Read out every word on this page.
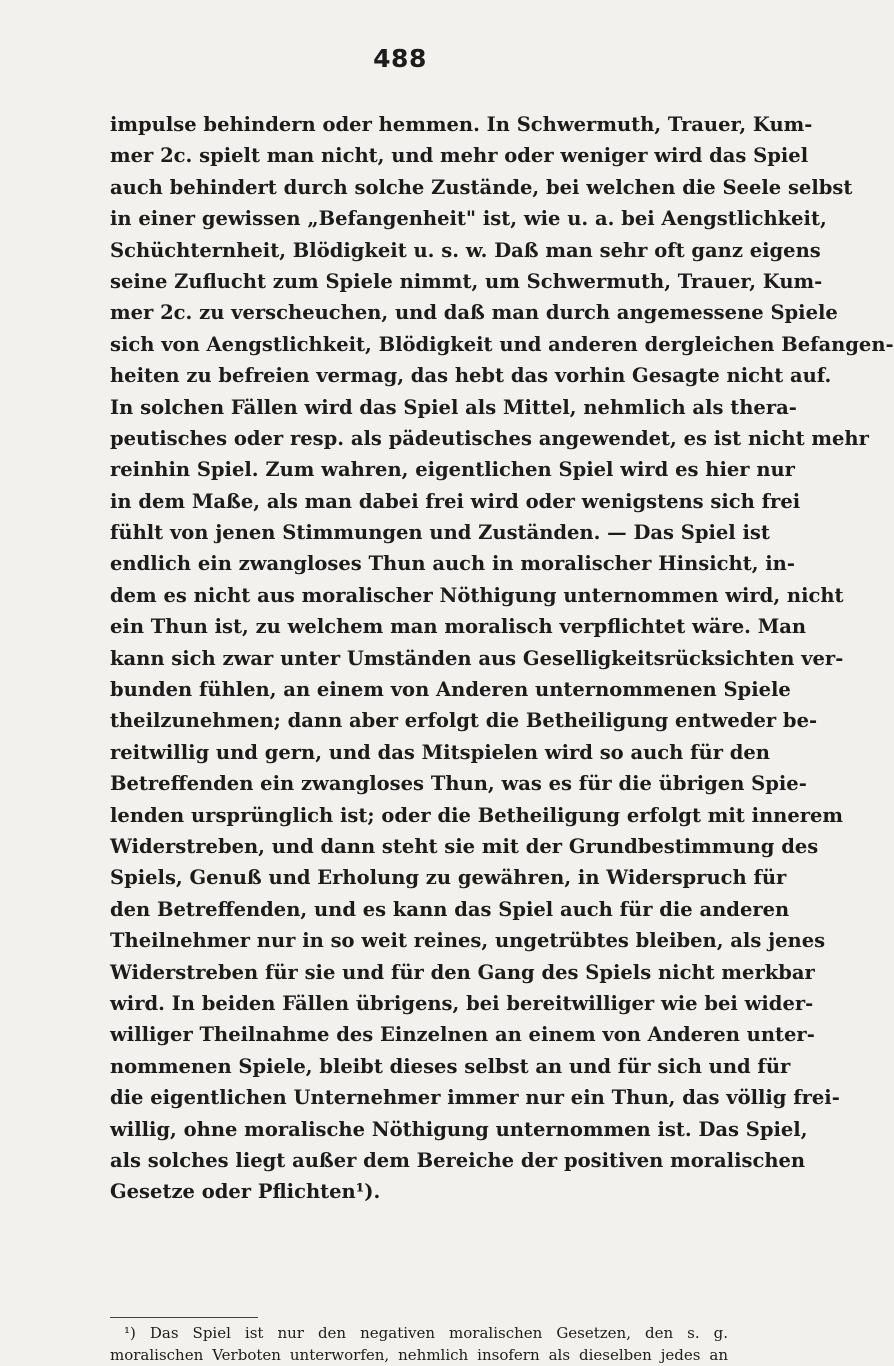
488
impulse behindern oder hemmen. In Schwermuth, Trauer, Kum-
mer 2c. spielt man nicht, und mehr oder weniger wird das Spiel
auch behindert durch solche Zustände, bei welchen die Seele selbst
in einer gewissen „Befangenheit" ist, wie u. a. bei Aengstlichkeit,
Schüchternheit, Blödigkeit u. s. w. Daß man sehr oft ganz eigens
seine Zuflucht zum Spiele nimmt, um Schwermuth, Trauer, Kum-
mer 2c. zu verscheuchen, und daß man durch angemessene Spiele
sich von Aengstlichkeit, Blödigkeit und anderen dergleichen Befangen-
heiten zu befreien vermag, das hebt das vorhin Gesagte nicht auf.
In solchen Fällen wird das Spiel als Mittel, nehmlich als thera-
peutisches oder resp. als pädeutisches angewendet, es ist nicht mehr
reinhin Spiel. Zum wahren, eigentlichen Spiel wird es hier nur
in dem Maße, als man dabei frei wird oder wenigstens sich frei
fühlt von jenen Stimmungen und Zuständen. — Das Spiel ist
endlich ein zwangloses Thun auch in moralischer Hinsicht, in-
dem es nicht aus moralischer Nöthigung unternommen wird, nicht
ein Thun ist, zu welchem man moralisch verpflichtet wäre. Man
kann sich zwar unter Umständen aus Geselligkeitsrücksichten ver-
bunden fühlen, an einem von Anderen unternommenen Spiele
theilzunehmen; dann aber erfolgt die Betheiligung entweder be-
reitwillig und gern, und das Mitspielen wird so auch für den
Betreffenden ein zwangloses Thun, was es für die übrigen Spie-
lenden ursprünglich ist; oder die Betheiligung erfolgt mit innerem
Widerstreben, und dann steht sie mit der Grundbestimmung des
Spiels, Genuß und Erholung zu gewähren, in Widerspruch für
den Betreffenden, und es kann das Spiel auch für die anderen
Theilnehmer nur in so weit reines, ungetrübtes bleiben, als jenes
Widerstreben für sie und für den Gang des Spiels nicht merkbar
wird. In beiden Fällen übrigens, bei bereitwilliger wie bei wider-
williger Theilnahme des Einzelnen an einem von Anderen unter-
nommenen Spiele, bleibt dieses selbst an und für sich und für
die eigentlichen Unternehmer immer nur ein Thun, das völlig frei-
willig, ohne moralische Nöthigung unternommen ist. Das Spiel,
als solches liegt außer dem Bereiche der positiven moralischen
Gesetze oder Pflichten¹).
¹) Das Spiel ist nur den negativen moralischen Gesetzen, den s. g.
moralischen Verboten unterworfen, nehmlich insofern als dieselben jedes an
